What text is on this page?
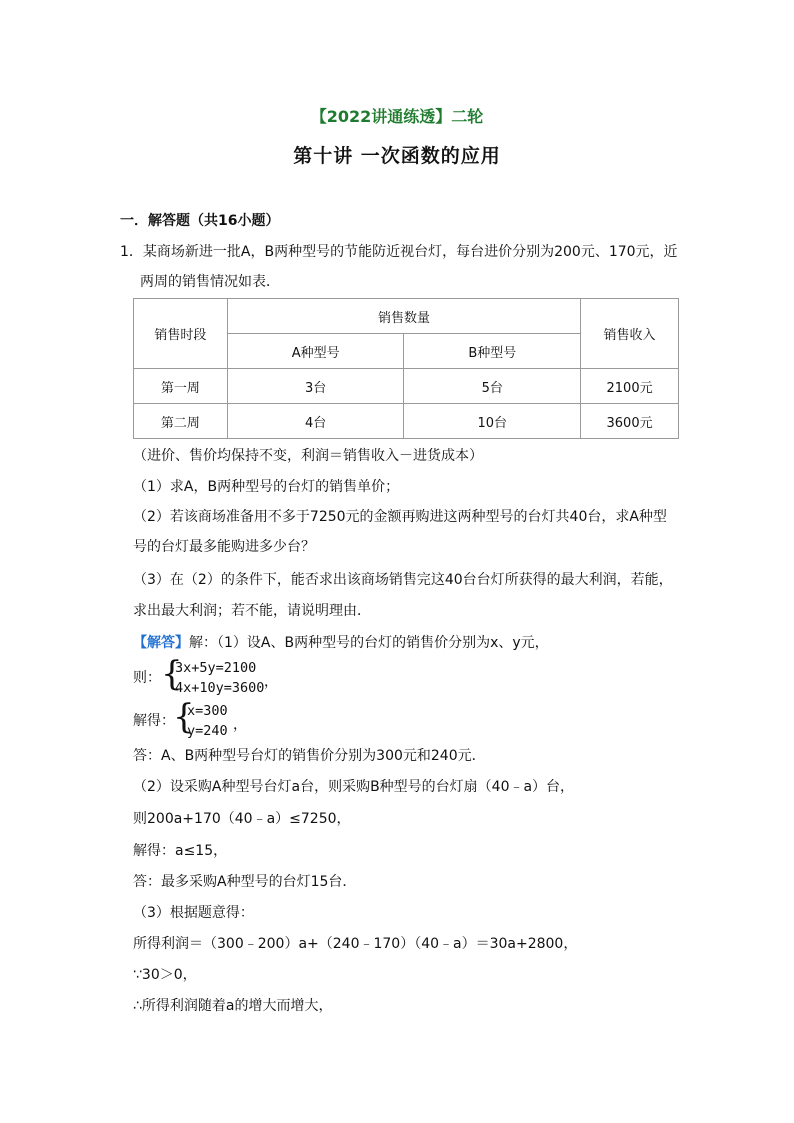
【2022讲通练透】二轮
第十讲 一次函数的应用
一．解答题（共16小题）
1．某商场新进一批A，B两种型号的节能防近视台灯，每台进价分别为200元、170元，近
两周的销售情况如表．
销售时段	销售数量		销售收入
	A种型号	B种型号	
第一周	3台	5台	2100元
第二周	4台	10台	3600元
（进价、售价均保持不变，利润＝销售收入－进货成本）
（1）求A，B两种型号的台灯的销售单价；
（2）若该商场准备用不多于7250元的金额再购进这两种型号的台灯共40台，求A种型
号的台灯最多能购进多少台？
（3）在（2）的条件下，能否求出该商场销售完这40台台灯所获得的最大利润，若能，
求出最大利润；若不能，请说明理由．
【解答】解：（1）设A、B两种型号的台灯的销售价分别为x、y元，
则： {
3x+5y=2100
4x+10y=3600 ，
解得：
{
x=300
y=240 ，
答：A、B两种型号台灯的销售价分别为300元和240元．
（2）设采购A种型号台灯a台，则采购B种型号的台灯扇（40﹣a）台，
则200a+170（40﹣a）≤7250，
解得：a≤15，
答：最多采购A种型号的台灯15台．
（3）根据题意得：
所得利润＝（300﹣200）a+（240﹣170）（40﹣a）＝30a+2800，
∵30＞0，
∴所得利润随着a的增大而增大，
